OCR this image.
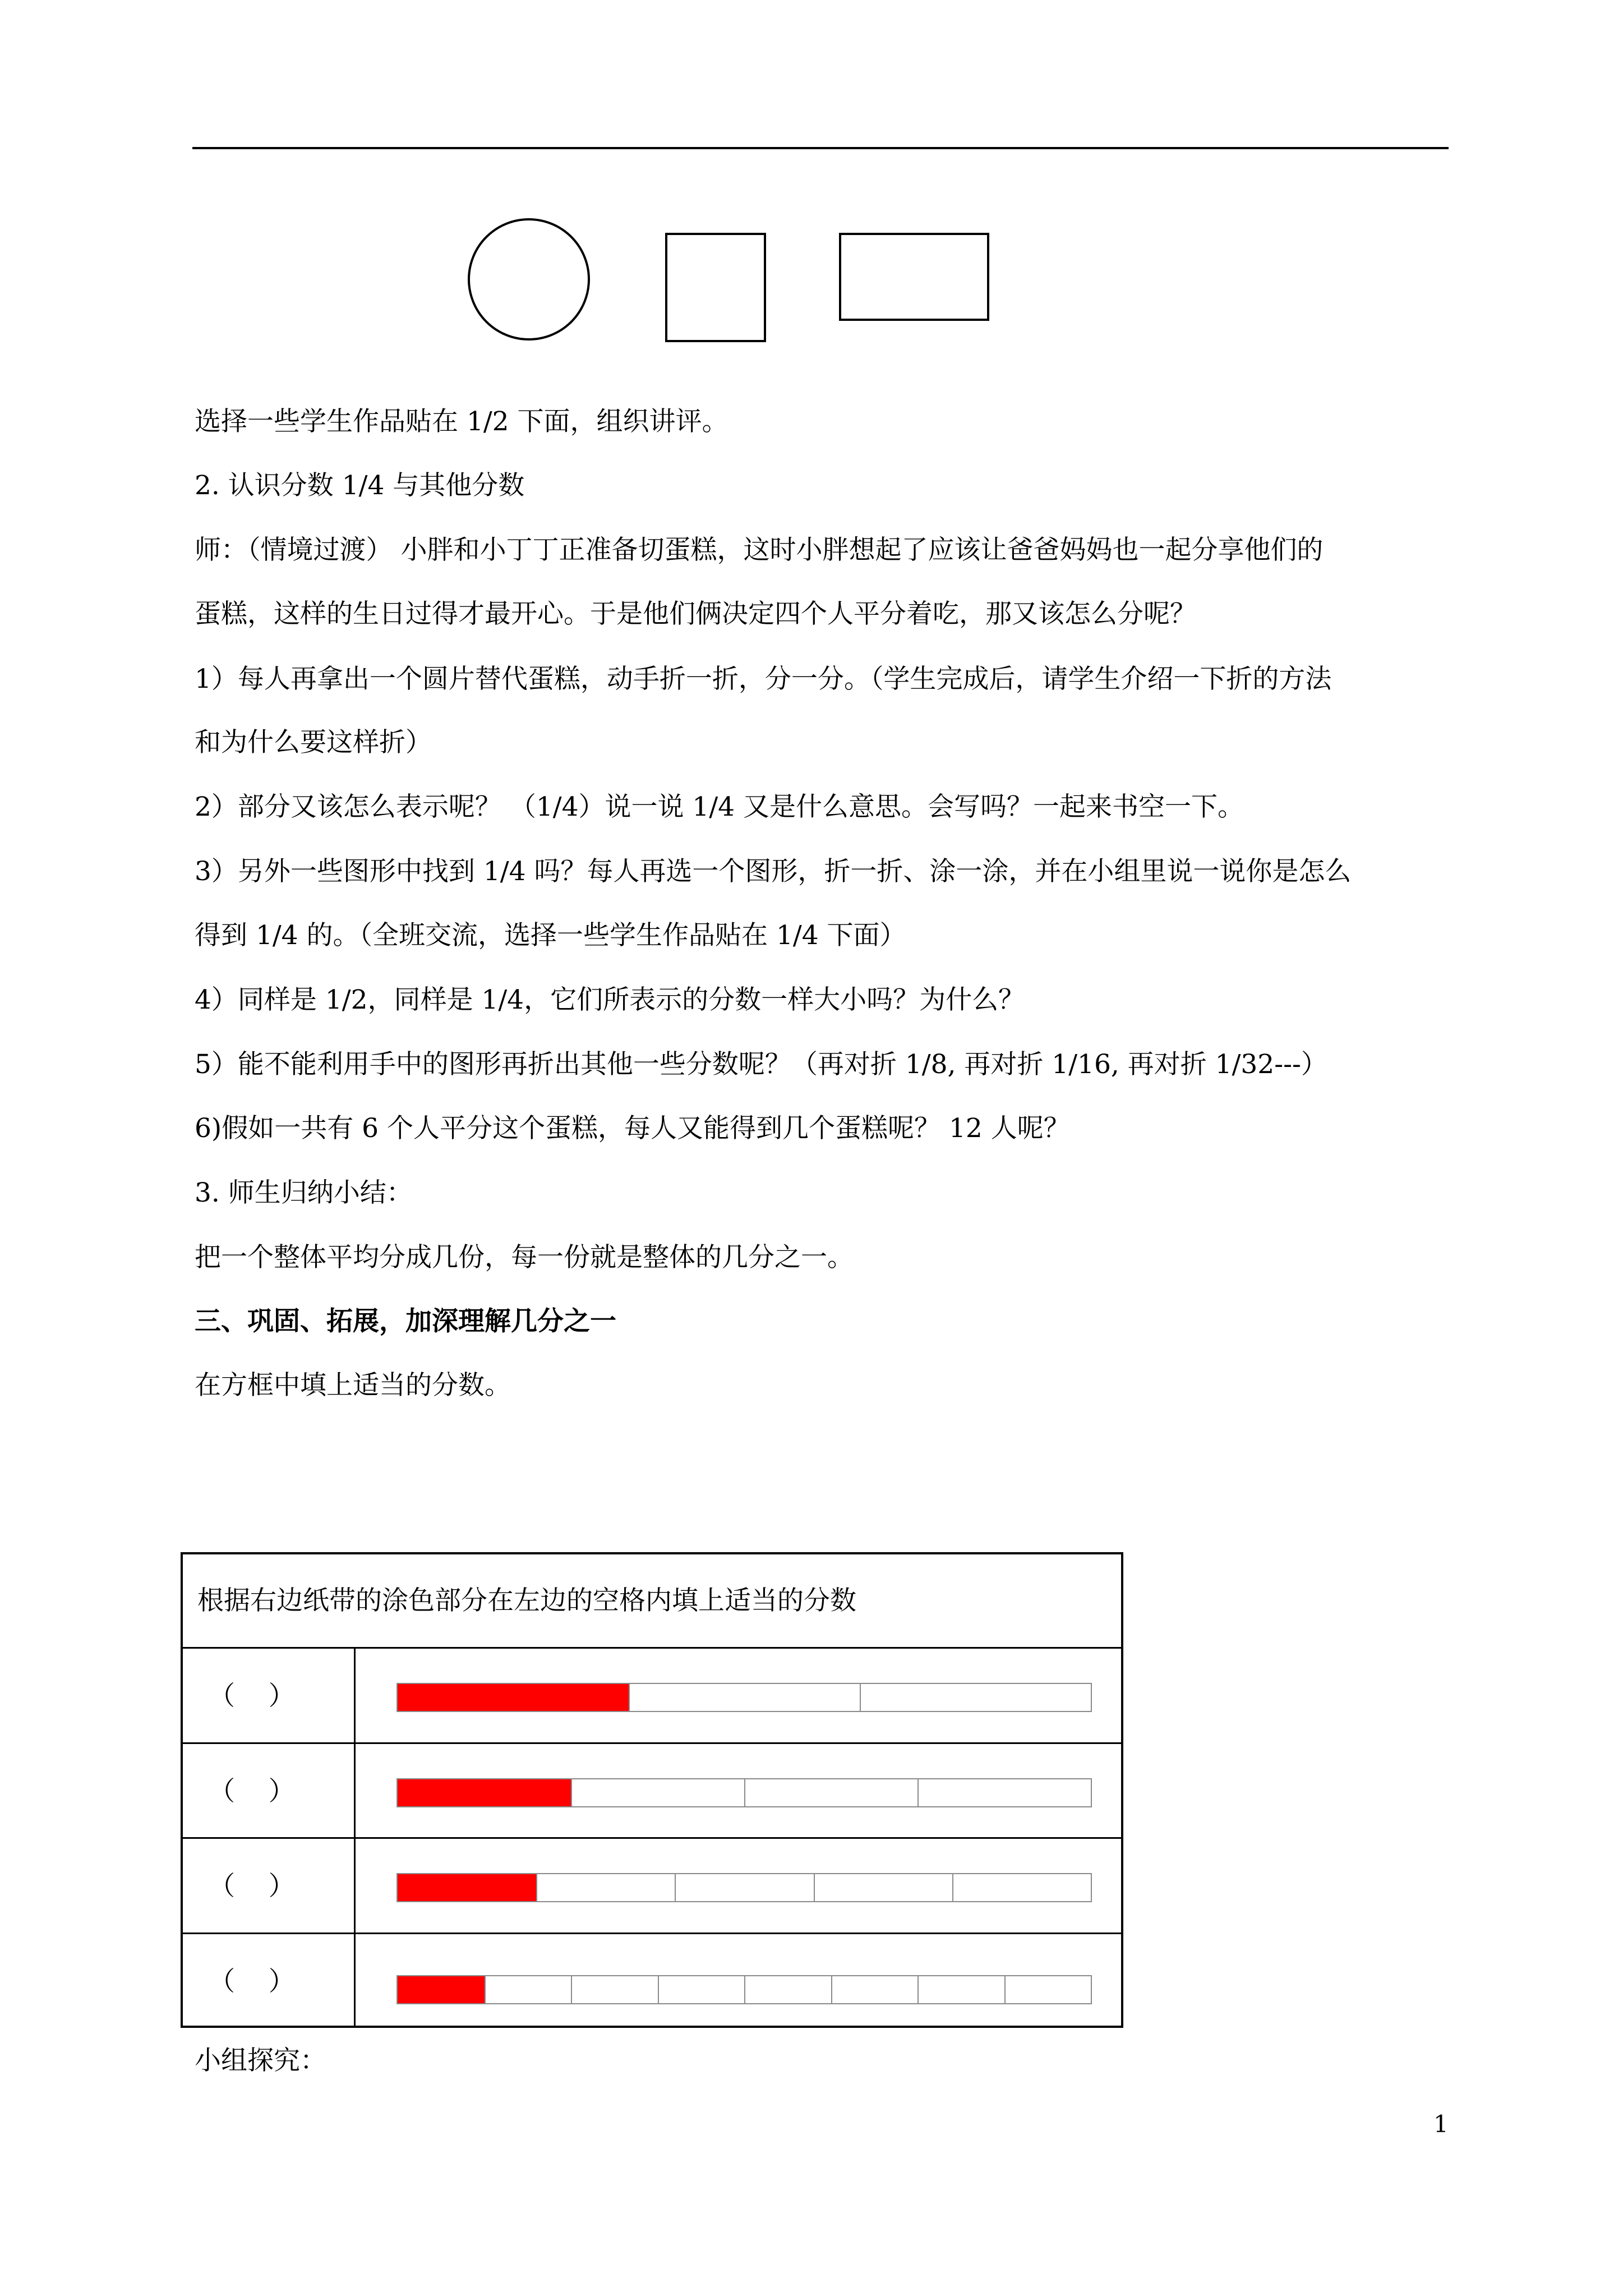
选择一些学生作品贴在 1/2 下面，组织讲评。
2. 认识分数 1/4 与其他分数
师：（情境过渡） 小胖和小丁丁正准备切蛋糕，这时小胖想起了应该让爸爸妈妈也一起分享他们的
蛋糕，这样的生日过得才最开心。于是他们俩决定四个人平分着吃，那又该怎么分呢？
1）每人再拿出一个圆片替代蛋糕，动手折一折，分一分。（学生完成后，请学生介绍一下折的方法
和为什么要这样折）
2）部分又该怎么表示呢？ （1/4）说一说 1/4 又是什么意思。会写吗？一起来书空一下。
3）另外一些图形中找到 1/4 吗？每人再选一个图形，折一折、涂一涂，并在小组里说一说你是怎么
得到 1/4 的。（全班交流，选择一些学生作品贴在 1/4 下面）
4）同样是 1/2，同样是 1/4，它们所表示的分数一样大小吗？为什么？
5）能不能利用手中的图形再折出其他一些分数呢？（再对折 1/8, 再对折 1/16, 再对折 1/32---）
6)假如一共有 6 个人平分这个蛋糕，每人又能得到几个蛋糕呢？ 12 人呢？
3. 师生归纳小结：
把一个整体平均分成几份，每一份就是整体的几分之一。
三、巩固、拓展，加深理解几分之一
在方框中填上适当的分数。
根据右边纸带的涂色部分在左边的空格内填上适当的分数
（    ）
（    ）
（    ）
（    ）
小组探究：
1
